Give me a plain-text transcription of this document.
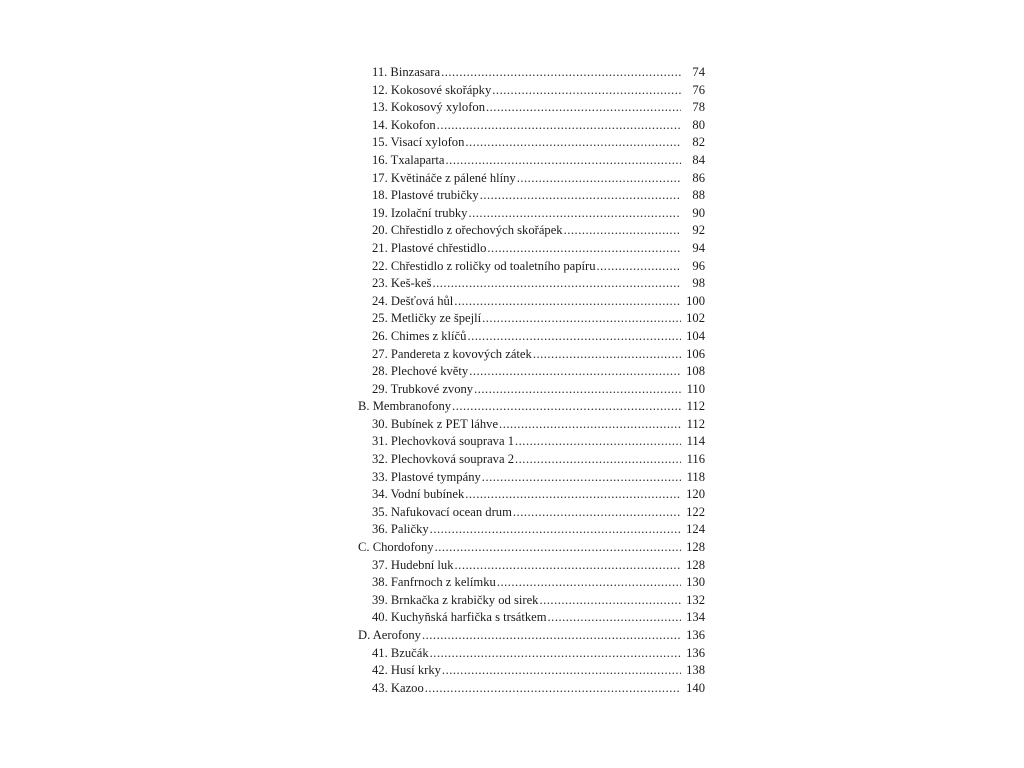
11. Binzasara .....	74
12. Kokosové skořápky .....	76
13. Kokosový xylofon .....	78
14. Kokofon .....	80
15. Visací xylofon .....	82
16. Txalaparta .....	84
17. Květináče z pálené hlíny .....	86
18. Plastové trubičky .....	88
19. Izolační trubky .....	90
20. Chřestidlo z ořechových skořápek .....	92
21. Plastové chřestidlo .....	94
22. Chřestidlo z roličky od toaletního papíru .....	96
23. Keš-keš .....	98
24. Dešťová hůl .....	100
25. Metličky ze špejlí .....	102
26. Chimes z klíčů .....	104
27. Pandereta z kovových zátek .....	106
28. Plechové květy .....	108
29. Trubkové zvony .....	110
B. Membranofony .....	112
30. Bubínek z PET láhve .....	112
31. Plechovková souprava 1 .....	114
32. Plechovková souprava 2 .....	116
33. Plastové tympány .....	118
34. Vodní bubínek .....	120
35. Nafukovací ocean drum .....	122
36. Paličky .....	124
C. Chordofony .....	128
37. Hudební luk .....	128
38. Fanfrnoch z kelímku .....	130
39. Brnkačka z krabičky od sirek .....	132
40. Kuchyňská harfička s trsátkem .....	134
D. Aerofony .....	136
41. Bzučák .....	136
42. Husí krky .....	138
43. Kazoo .....	140
